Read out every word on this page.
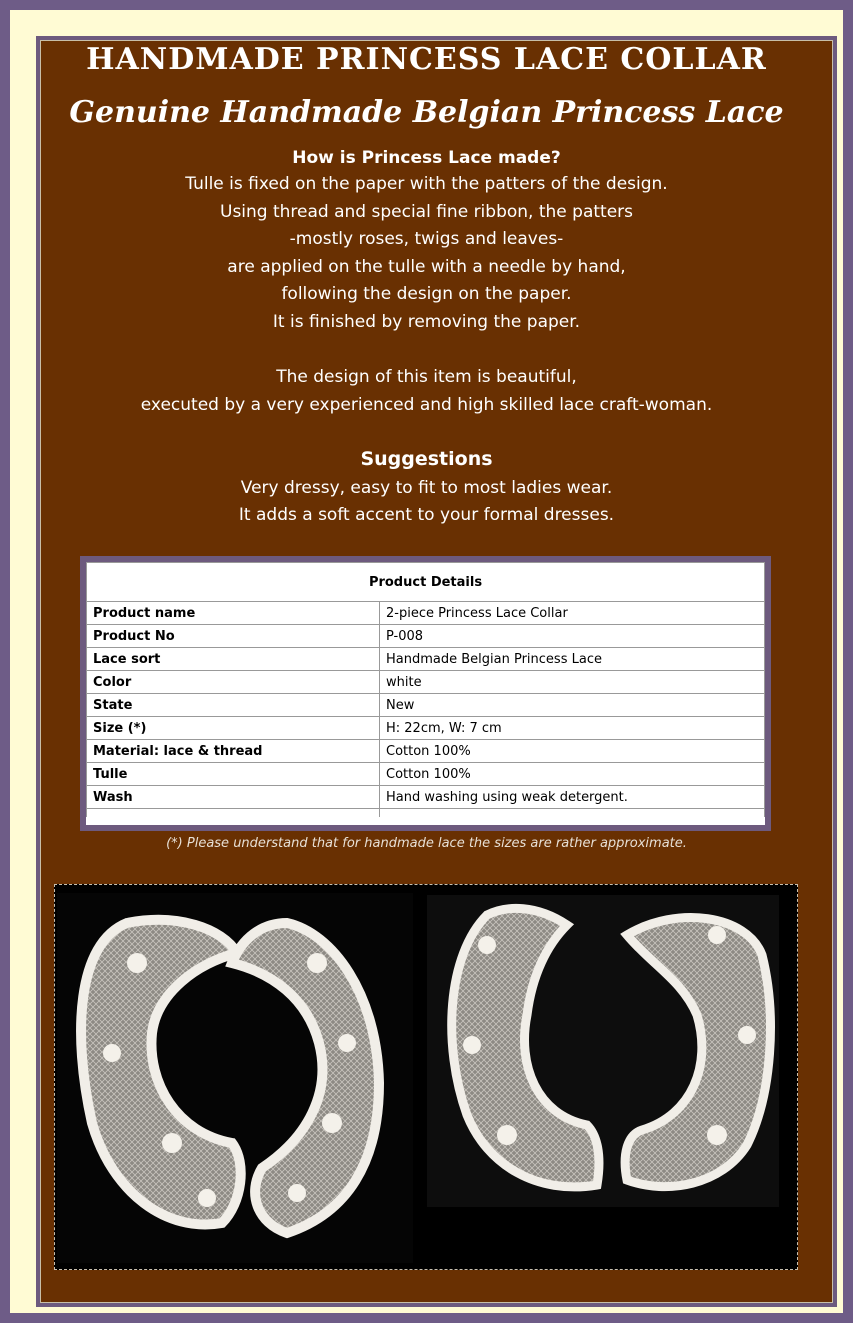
HANDMADE PRINCESS LACE COLLAR
Genuine Handmade Belgian Princess Lace
How is Princess Lace made?
Tulle is fixed on the paper with the patters of the design.
Using thread and special fine ribbon, the patters
-mostly roses, twigs and leaves-
are applied on the tulle with a needle by hand,
following the design on the paper.
It is finished by removing the paper.
The design of this item is beautiful,
executed by a very experienced and high skilled lace craft-woman.
Suggestions
Very dressy, easy to fit to most ladies wear.
It adds a soft accent to your formal dresses.
Product Details	
Product name	2-piece Princess Lace Collar
Product No	P-008
Lace sort	Handmade Belgian Princess Lace
Color	white
State	New
Size (*)	H: 22cm, W: 7 cm
Material: lace & thread	Cotton 100%
Tulle	Cotton 100%
Wash	Hand washing using weak detergent.

(*) Please understand that for handmade lace the sizes are rather approximate.
